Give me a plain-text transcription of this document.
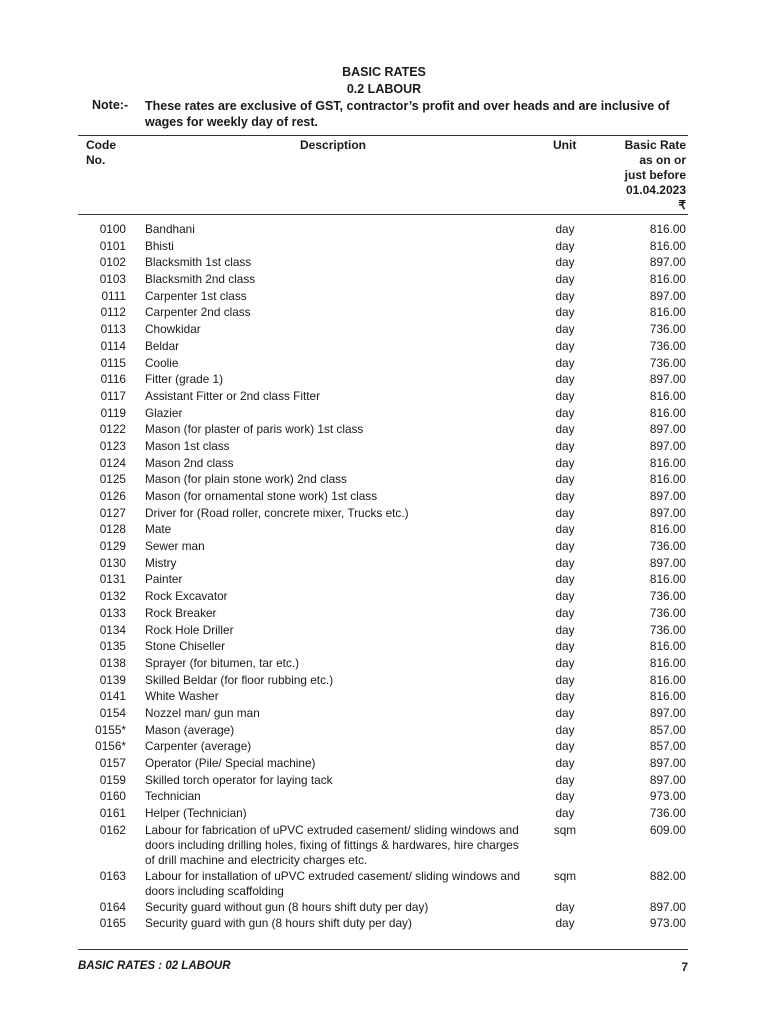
BASIC RATES
0.2 LABOUR
Note:- These rates are exclusive of GST, contractor’s profit and over heads and are inclusive of wages for weekly day of rest.
Code
No.
Description	Unit	Basic Rate
as on or
just before
01.04.2023
₹
0100 Bandhani	day	816.00
0101 Bhisti	day	816.00
0102 Blacksmith 1st class	day	897.00
0103 Blacksmith 2nd class	day	816.00
0111 Carpenter 1st class	day	897.00
0112 Carpenter 2nd class	day	816.00
0113 Chowkidar	day	736.00
0114 Beldar	day	736.00
0115 Coolie	day	736.00
0116 Fitter (grade 1)	day	897.00
0117 Assistant Fitter or 2nd class Fitter	day	816.00
0119 Glazier	day	816.00
0122 Mason (for plaster of paris work) 1st class	day	897.00
0123 Mason 1st class	day	897.00
0124 Mason 2nd class	day	816.00
0125 Mason (for plain stone work) 2nd class	day	816.00
0126 Mason (for ornamental stone work) 1st class	day	897.00
0127 Driver for (Road roller, concrete mixer, Trucks etc.)	day	897.00
0128 Mate	day	816.00
0129 Sewer man	day	736.00
0130 Mistry	day	897.00
0131 Painter	day	816.00
0132 Rock Excavator	day	736.00
0133 Rock Breaker	day	736.00
0134 Rock Hole Driller	day	736.00
0135 Stone Chiseller	day	816.00
0138 Sprayer (for bitumen, tar etc.)	day	816.00
0139 Skilled Beldar (for floor rubbing etc.)	day	816.00
0141 White Washer	day	816.00
0154 Nozzel man/ gun man	day	897.00
0155* Mason (average)	day	857.00
0156* Carpenter (average)	day	857.00
0157 Operator (Pile/ Special machine)	day	897.00
0159 Skilled torch operator for laying tack	day	897.00
0160 Technician	day	973.00
0161 Helper (Technician)	day	736.00
0162 Labour for fabrication of uPVC extruded casement/ sliding windows and doors including drilling holes, fixing of fittings & hardwares, hire charges of drill machine and electricity charges etc.
sqm	609.00
0163 Labour for installation of uPVC extruded casement/ sliding windows and doors including scaffolding
sqm	882.00
0164 Security guard without gun (8 hours shift duty per day)	day	897.00
0165 Security guard with gun (8 hours shift duty per day)	day	973.00
BASIC RATES : 02 LABOUR	7
